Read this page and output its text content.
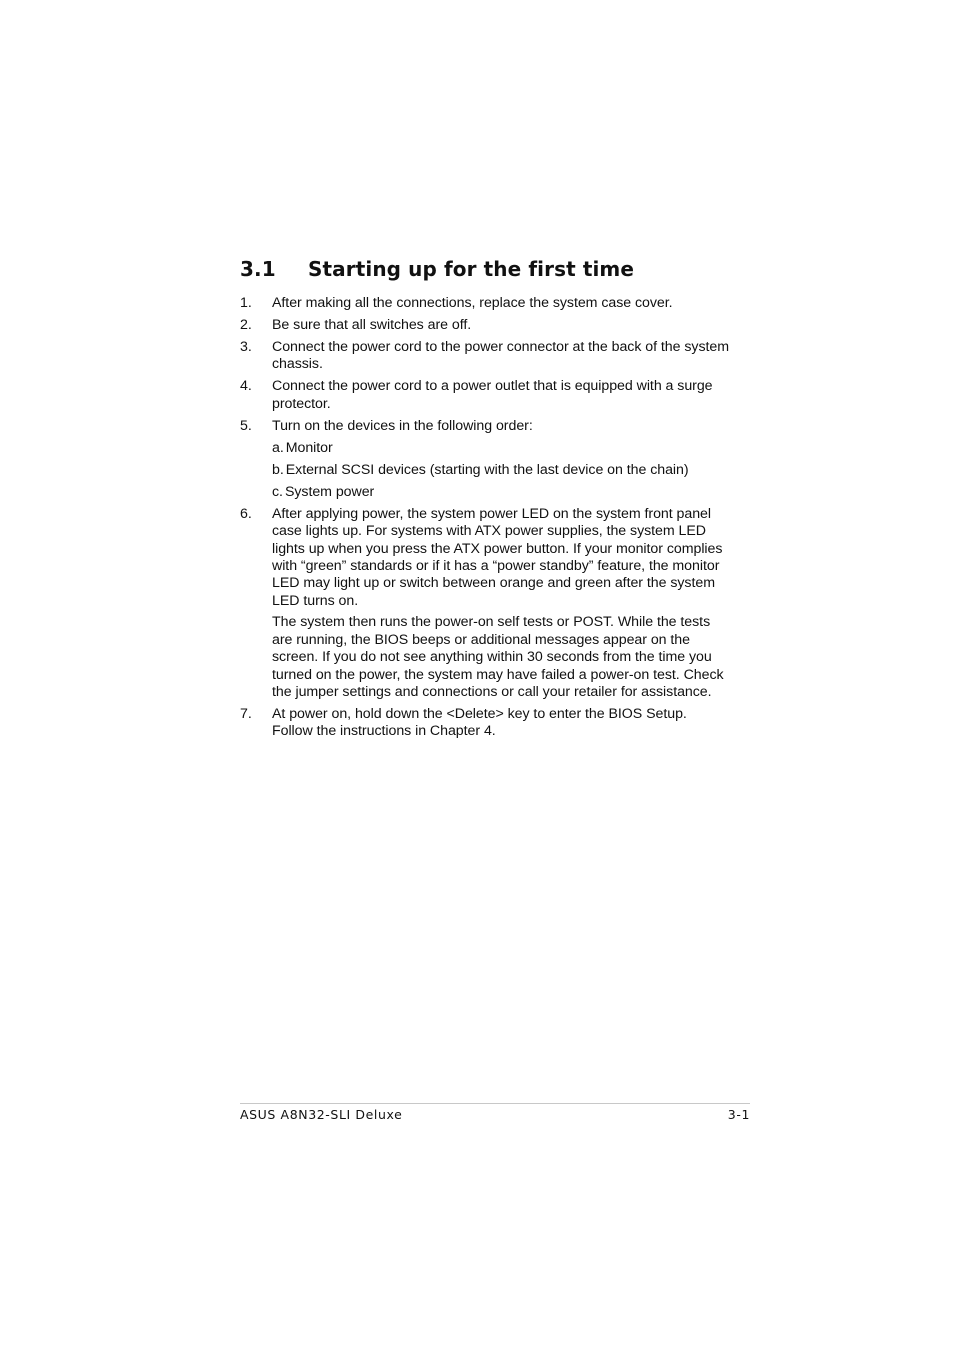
3.1 Starting up for the first time
1. After making all the connections, replace the system case cover.

2. Be sure that all switches are off.

3. Connect the power cord to the power connector at the back of the system chassis.

4. Connect the power cord to a power outlet that is equipped with a surge protector.

5. Turn on the devices in the following order:

a. Monitor
b. External SCSI devices (starting with the last device on the chain)
c. System power
6. After applying power, the system power LED on the system front panel case lights up. For systems with ATX power supplies, the system LED lights up when you press the ATX power button. If your monitor complies with “green” standards or if it has a “power standby” feature, the monitor LED may light up or switch between orange and green after the system LED turns on.

The system then runs the power-on self tests or POST. While the tests are running, the BIOS beeps or additional messages appear on the screen. If you do not see anything within 30 seconds from the time you turned on the power, the system may have failed a power-on test. Check the jumper settings and connections or call your retailer for assistance.

7. At power on, hold down the <Delete> key to enter the BIOS Setup. Follow the instructions in Chapter 4.

ASUS A8N32-SLI Deluxe	3-1
